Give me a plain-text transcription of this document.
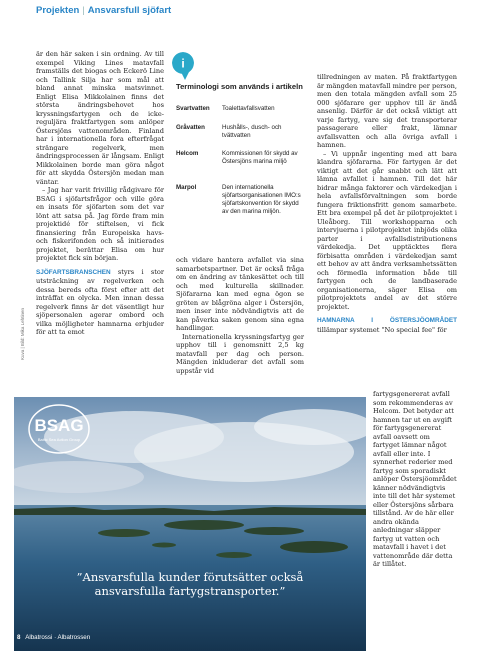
Projekten | Ansvarsfull sjöfart

är den här saken i sin ordning. Av till exempel Viking Lines matavfall framställs det biogas och Eckerö Line och Tallink Silja har som mål att bland annat minska matsvinnet. Enligt Elisa Mikkolainen finns det största ändringsbehovet hos kryssningsfartygen och de icke-reguljära fraktfartygen som anlöper Östersjöns vattenområden. Finland har i internationella fora efterfrågat strängare regelverk, men ändringsprocessen är långsam. Enligt Mikkolainen borde man göra något för att skydda Östersjön medan man väntar.

– Jag har varit frivillig rådgivare för BSAG i sjöfartsfrågor och ville göra en insats för sjöfarten som det var lönt att satsa på. Jag förde fram min projektidé för stiftelsen, vi fick finansiering från Europeiska havs- och fiskerifonden och så initierades projektet, berättar Elisa om hur projektet fick sin början.

SJÖFARTSBRANSCHEN styrs i stor utsträckning av regelverken och dessa bereds ofta först efter att det inträffat en olycka. Men innan dessa regelverk finns är det väsentligt hur sjöpersonalen agerar ombord och vilka möjligheter hamnarna erbjuder för att ta emot

Kuva | Bild: Mika Lehtinen
i
Terminologi som används i artikeln
Svartvatten	Toalettavfallsvatten
Gråvatten	Hushålls-, dusch- och tvättvatten
Helcom	Kommissionen för skydd av Östersjöns marina miljö
Marpol	Den internationella sjöfartsorganisationen IMO:s sjöfartskonvention för skydd av den marina miljön.

och vidare hantera avfallet via sina samarbetspartner. Det är också fråga om en ändring av tänkesättet och till och med kulturella skillnader. Sjöfararna kan med egna ögon se gröten av blågröna alger i Östersjön, men inser inte nödvändigtvis att de kan påverka saken genom sina egna handlingar.

Internationella kryssningsfartyg ger upphov till i genomsnitt 2,5 kg matavfall per dag och person. Mängden inkluderar det avfall som uppstår vid

tillredningen av maten. På fraktfartygen är mängden matavfall mindre per person, men den totala mängden avfall som 25 000 sjöfarare ger upphov till är ändå ansenlig. Därför är det också viktigt att varje fartyg, vare sig det transporterar passagerare eller frakt, lämnar avfallsvatten och alla övriga avfall i hamnen.

– Vi uppnår ingenting med att bara klandra sjöfararna. För fartygen är det viktigt att det går snabbt och lätt att lämna avfallet i hamnen. Till det här bidrar många faktorer och värdekedjan i hela avfallsförvaltningen som borde fungera friktionsfritt genom samarbete. Ett bra exempel på det är pilotprojektet i Uleåborg. Till workshopparna och intervjuerna i pilotprojektet inbjöds olika parter i avfallsdistributionens värdekedja. Det upptäcktes flera förbisatta områden i värdekedjan samt ett behov av att ändra verksamhetssätten och förmedla information både till fartygen och de landbaserade organisationerna, säger Elisa om pilotprojektets andel av det större projektet.

HAMNARNA I ÖSTERSJÖOMRÅDET tillämpar systemet "No special fee" för

fartygsgenererat avfall som rekommenderas av Helcom. Det betyder att hamnen tar ut en avgift för fartygsgenererat avfall oavsett om fartyget lämnar något avfall eller inte. I synnerhet rederier med fartyg som sporadiskt anlöper Östersjöområdet känner nödvändigtvis inte till det här systemet eller Östersjöns sårbara tillstånd. Av de här eller andra okända anledningar släpper fartyg ut vatten och matavfall i havet i det vattenområde där detta är tillåtet.

BSAG
Baltic Sea Action Group
”Ansvarsfulla kunder förutsätter också ansvarsfulla fartygstransporter.”
8 Albatrossi · Albatrossen
